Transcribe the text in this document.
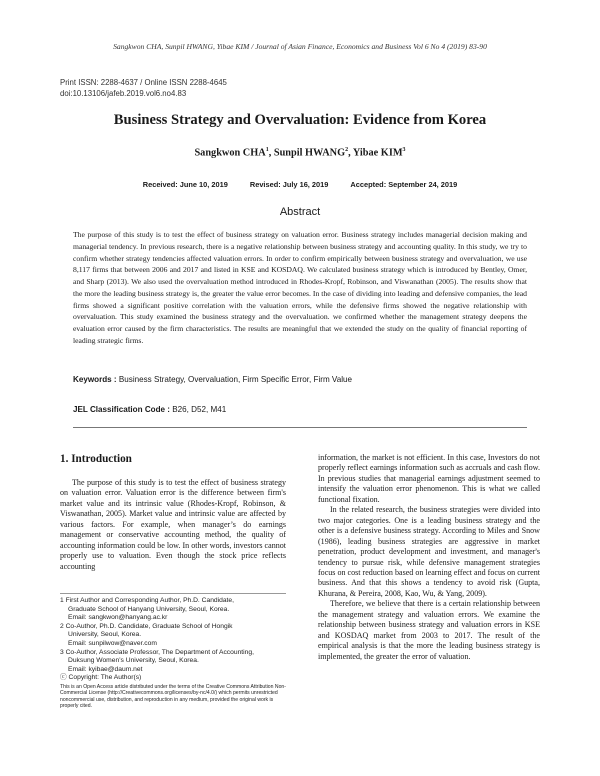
Sangkwon CHA, Sunpil HWANG, Yibae KIM / Journal of Asian Finance, Economics and Business Vol 6 No 4 (2019) 83-90
Print ISSN: 2288-4637 / Online ISSN 2288-4645
doi:10.13106/jafeb.2019.vol6.no4.83
Business Strategy and Overvaluation: Evidence from Korea
Sangkwon CHA$^1$, Sunpil HWANG$^2$, Yibae KIM$^3$
Received: June 10, 2019	Revised: July 16, 2019	Accepted: September 24, 2019
Abstract
The purpose of this study is to test the effect of business strategy on valuation error. Business strategy includes managerial decision making and managerial tendency. In previous research, there is a negative relationship between business strategy and accounting quality. In this study, we try to confirm whether strategy tendencies affected valuation errors. In order to confirm empirically between business strategy and overvaluation, we use 8,117 firms that between 2006 and 2017 and listed in KSE and KOSDAQ. We calculated business strategy which is introduced by Bentley, Omer, and Sharp (2013). We also used the overvaluation method introduced in Rhodes-Kropf, Robinson, and Viswanathan (2005). The results show that the more the leading business strategy is, the greater the value error becomes. In the case of dividing into leading and defensive companies, the lead firms showed a significant positive correlation with the valuation errors, while the defensive firms showed the negative relationship with overvaluation. This study examined the business strategy and the overvaluation. we confirmed whether the management strategy deepens the evaluation error caused by the firm characteristics. The results are meaningful that we extended the study on the quality of financial reporting of leading strategic firms.
Keywords : Business Strategy, Overvaluation, Firm Specific Error, Firm Value
JEL Classification Code : B26, D52, M41
1. Introduction
The purpose of this study is to test the effect of business strategy on valuation error. Valuation error is the difference between firm's market value and its intrinsic value (Rhodes-Kropf, Robinson, & Viswanathan, 2005). Market value and intrinsic value are affected by various factors. For example, when manager’s do earnings management or conservative accounting method, the quality of accounting information could be low. In other words, investors cannot properly use to valuation. Even though the stock price reflects accounting
1 First Author and Corresponding Author, Ph.D. Candidate,
Graduate School of Hanyang University, Seoul, Korea.
Email: sangkwon@hanyang.ac.kr
2 Co-Author, Ph.D. Candidate, Graduate School of Hongik
University, Seoul, Korea.
Email: sunpilwow@naver.com
3 Co-Author, Associate Professor, The Department of Accounting,
Duksung Women’s University, Seoul, Korea.
Email: kyibae@daum.net
ⓒ Copyright: The Author(s)
This is an Open Access article distributed under the terms of the Creative Commons Attribution Non-Commercial License (http://Creativecommons.org/licenses/by-nc/4.0/) which permits unrestricted noncommercial use, distribution, and reproduction in any medium, provided the original work is properly cited.

information, the market is not efficient. In this case, Investors do not properly reflect earnings information such as accruals and cash flow. In previous studies that managerial earnings adjustment seemed to intensify the valuation error phenomenon. This is what we called functional fixation.

In the related research, the business strategies were divided into two major categories. One is a leading business strategy and the other is a defensive business strategy. According to Miles and Snow (1986), leading business strategies are aggressive in market penetration, product development and investment, and manager's tendency to pursue risk, while defensive management strategies focus on cost reduction based on learning effect and focus on current business. And that this shows a tendency to avoid risk (Gupta, Khurana, & Pereira, 2008, Kao, Wu, & Yang, 2009).

Therefore, we believe that there is a certain relationship between the management strategy and valuation errors. We examine the relationship between business strategy and valuation errors in KSE and KOSDAQ market from 2003 to 2017. The result of the empirical analysis is that the more the leading business strategy is implemented, the greater the error of valuation.
